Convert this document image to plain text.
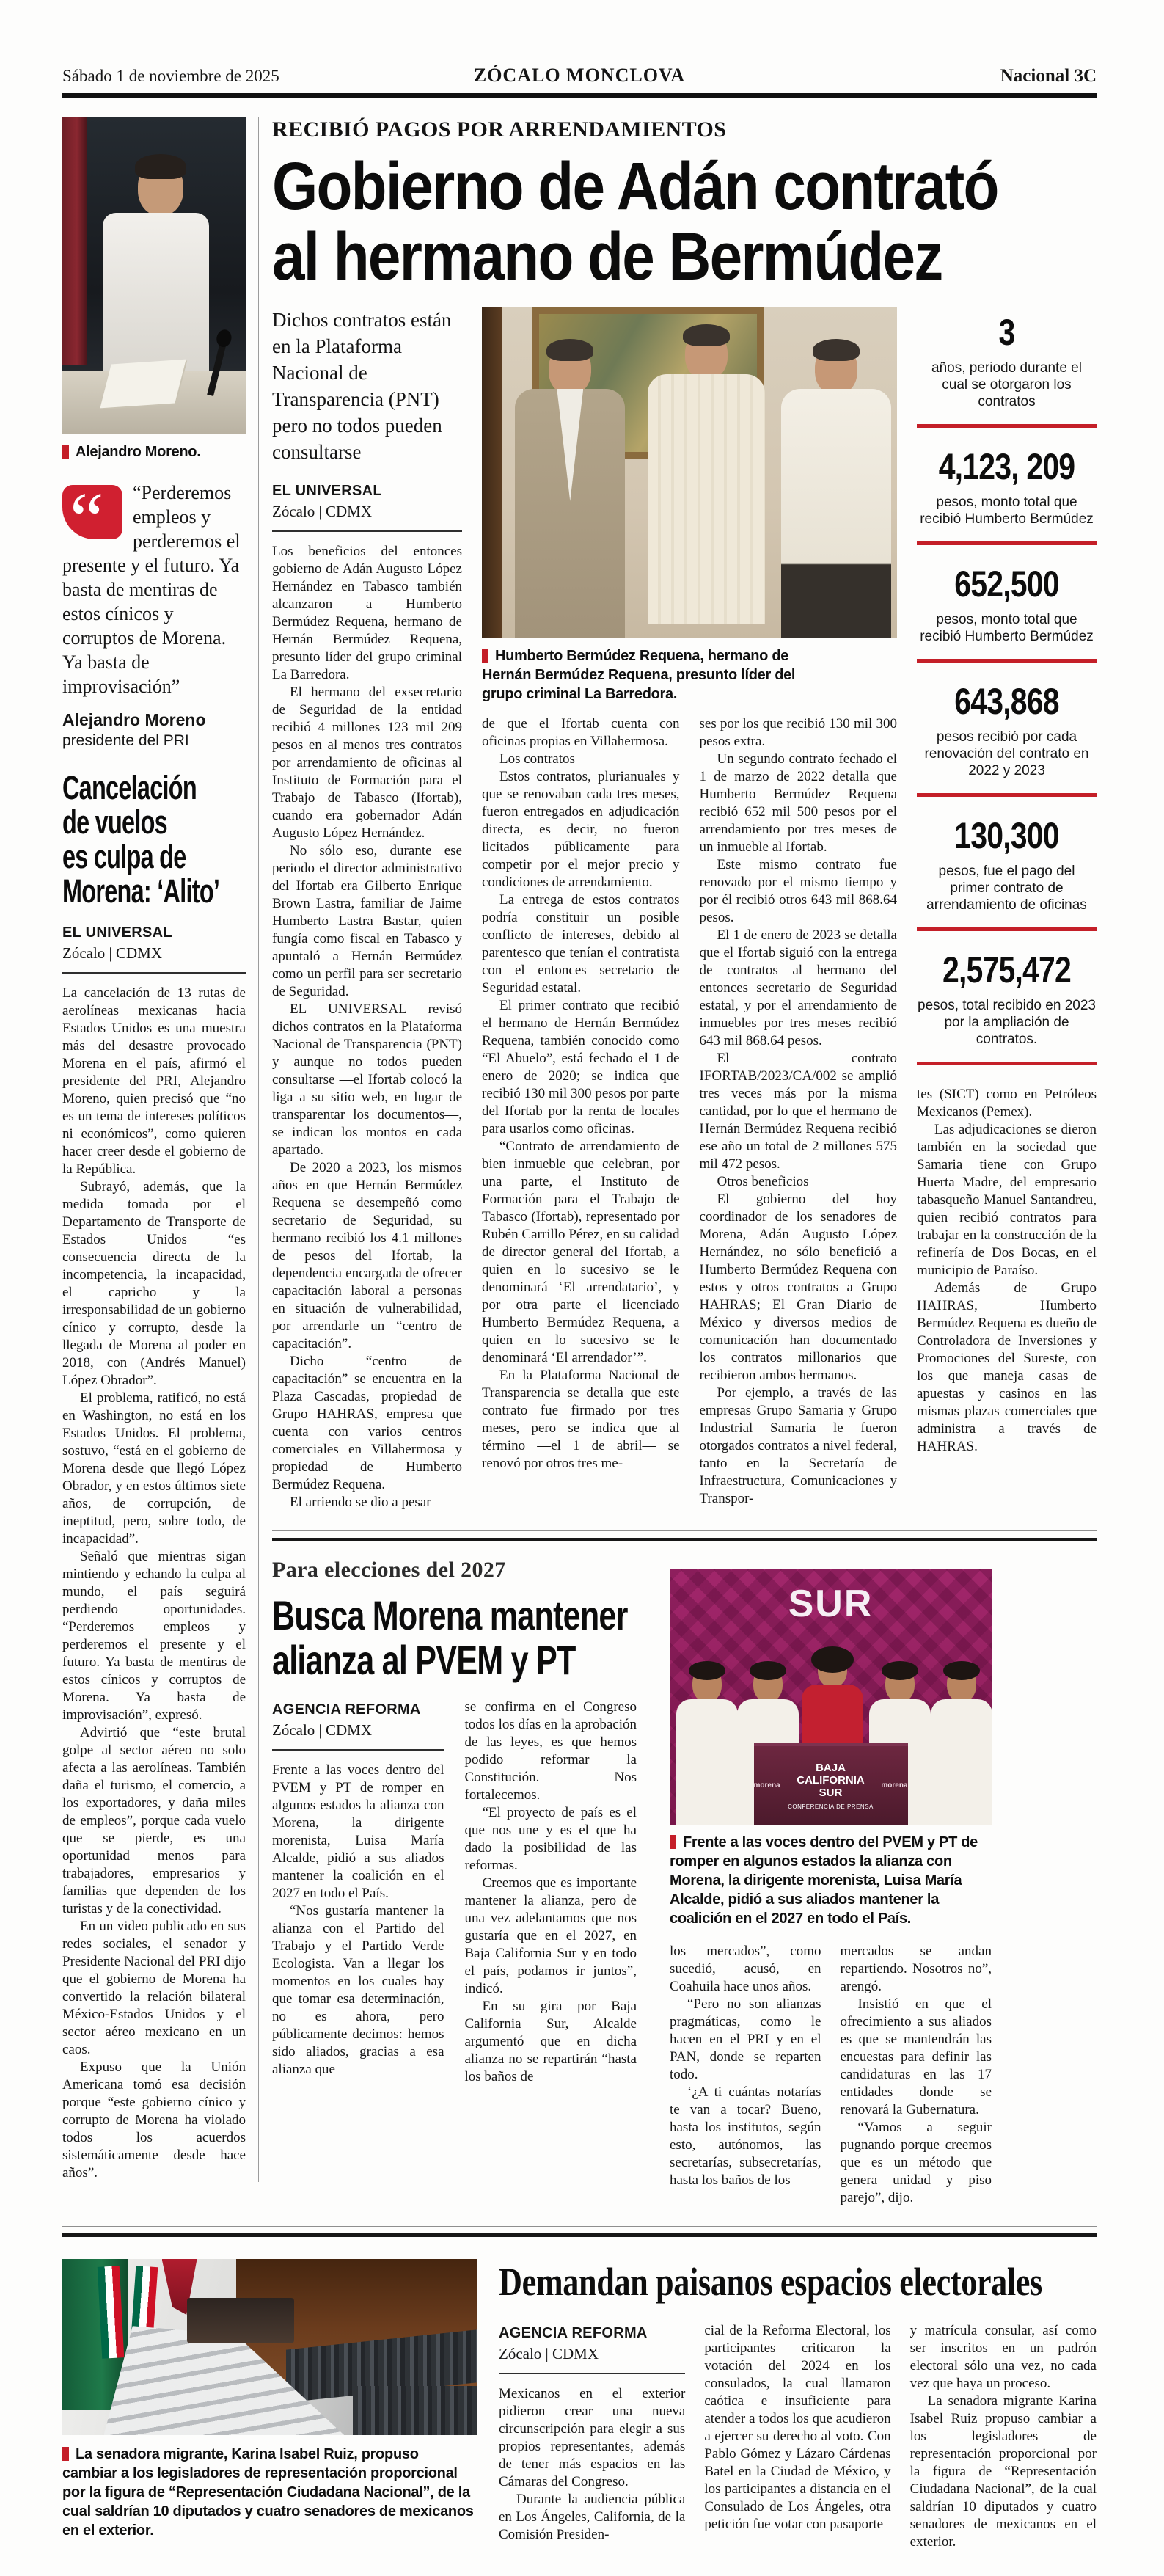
Sábado 1 de noviembre de 2025	ZÓCALO MONCLOVA	Nacional 3C
Alejandro Moreno.
“
“Perderemos empleos y perderemos el presente y el futuro. Ya basta de mentiras de estos cínicos y corruptos de Morena. Ya basta de improvisación”
Alejandro Moreno
presidente del PRI
Cancelación
de vuelos
es culpa de
Morena: ‘Alito’
EL UNIVERSAL
Zócalo | CDMX

La cancelación de 13 rutas de aerolíneas mexicanas hacia Estados Unidos es una muestra más del desastre provocado Morena en el país, afirmó el presidente del PRI, Alejandro Moreno, quien precisó que “no es un tema de intereses políticos ni económicos”, como quieren hacer creer desde el gobierno de la República.

Subrayó, además, que la medida tomada por el Departamento de Transporte de Estados Unidos “es consecuencia directa de la incompetencia, la incapacidad, el capricho y la irresponsabilidad de un gobierno cínico y corrupto, desde la llegada de Morena al poder en 2018, con (Andrés Manuel) López Obrador”.

El problema, ratificó, no está en Washington, no está en los Estados Unidos. El problema, sostuvo, “está en el gobierno de Morena desde que llegó López Obrador, y en estos últimos siete años, de corrupción, de ineptitud, pero, sobre todo, de incapacidad”.

Señaló que mientras sigan mintiendo y echando la culpa al mundo, el país seguirá perdiendo oportunidades. “Perderemos empleos y perderemos el presente y el futuro. Ya basta de mentiras de estos cínicos y corruptos de Morena. Ya basta de improvisación”, expresó.

Advirtió que “este brutal golpe al sector aéreo no solo afecta a las aerolíneas. También daña el turismo, el comercio, a los exportadores, y daña miles de empleos”, porque cada vuelo que se pierde, es una oportunidad menos para trabajadores, empresarios y familias que dependen de los turistas y de la conectividad.

En un video publicado en sus redes sociales, el senador y Presidente Nacional del PRI dijo que el gobierno de Morena ha convertido la relación bilateral México-Estados Unidos y el sector aéreo mexicano en un caos.

Expuso que la Unión Americana tomó esa decisión porque “este gobierno cínico y corrupto de Morena ha violado todos los acuerdos sistemáticamente desde hace años”.

RECIBIÓ PAGOS POR ARRENDAMIENTOS
Gobierno de Adán contrató
al hermano de Bermúdez
Dichos contratos están en la Plataforma Nacional de Transparencia (PNT) pero no todos pueden consultarse
EL UNIVERSAL
Zócalo | CDMX

Los beneficios del entonces gobierno de Adán Augusto López Hernández en Tabasco también alcanzaron a Humberto Bermúdez Requena, hermano de Hernán Bermúdez Requena, presunto líder del grupo criminal La Barredora.

El hermano del exsecretario de Seguridad de la entidad recibió 4 millones 123 mil 209 pesos en al menos tres contratos por arrendamiento de oficinas al Instituto de Formación para el Trabajo de Tabasco (Ifortab), cuando era gobernador Adán Augusto López Hernández.

No sólo eso, durante ese periodo el director administrativo del Ifortab era Gilberto Enrique Brown Lastra, familiar de Jaime Humberto Lastra Bastar, quien fungía como fiscal en Tabasco y apuntaló a Hernán Bermúdez como un perfil para ser secretario de Seguridad.

EL UNIVERSAL revisó dichos contratos en la Plataforma Nacional de Transparencia (PNT) y aunque no todos pueden consultarse —el Ifortab colocó la liga a su sitio web, en lugar de transparentar los documentos—, se indican los montos en cada apartado.

De 2020 a 2023, los mismos años en que Hernán Bermúdez Requena se desempeñó como secretario de Seguridad, su hermano recibió los 4.1 millones de pesos del Ifortab, la dependencia encargada de ofrecer capacitación laboral a personas en situación de vulnerabilidad, por arrendarle un “centro de capacitación”.

Dicho “centro de capacitación” se encuentra en la Plaza Cascadas, propiedad de Grupo HAHRAS, empresa que cuenta con varios centros comerciales en Villahermosa y propiedad de Humberto Bermúdez Requena.

El arriendo se dio a pesar

Humberto Bermúdez Requena, hermano de Hernán Bermúdez Requena, presunto líder del grupo criminal La Barredora.

de que el Ifortab cuenta con oficinas propias en Villahermosa.

Los contratos

Estos contratos, plurianuales y que se renovaban cada tres meses, fueron entregados en adjudicación directa, es decir, no fueron licitados públicamente para competir por el mejor precio y condiciones de arrendamiento.

La entrega de estos contratos podría constituir un posible conflicto de intereses, debido al parentesco que tenían el contratista con el entonces secretario de Seguridad estatal.

El primer contrato que recibió el hermano de Hernán Bermúdez Requena, también conocido como “El Abuelo”, está fechado el 1 de enero de 2020; se indica que recibió 130 mil 300 pesos por parte del Ifortab por la renta de locales para usarlos como oficinas.

“Contrato de arrendamiento de bien inmueble que celebran, por una parte, el Instituto de Formación para el Trabajo de Tabasco (Ifortab), representado por Rubén Carrillo Pérez, en su calidad de director general del Ifortab, a quien en lo sucesivo se le denominará ‘El arrendatario’, y por otra parte el licenciado Humberto Bermúdez Requena, a quien en lo sucesivo se le denominará ‘El arrendador’”.

En la Plataforma Nacional de Transparencia se detalla que este contrato fue firmado por tres meses, pero se indica que al término —el 1 de abril— se renovó por otros tres me-

ses por los que recibió 130 mil 300 pesos extra.

Un segundo contrato fechado el 1 de marzo de 2022 detalla que Humberto Bermúdez Requena recibió 652 mil 500 pesos por el arrendamiento por tres meses de un inmueble al Ifortab.

Este mismo contrato fue renovado por el mismo tiempo y por él recibió otros 643 mil 868.64 pesos.

El 1 de enero de 2023 se detalla que el Ifortab siguió con la entrega de contratos al hermano del entonces secretario de Seguridad estatal, y por el arrendamiento de inmuebles por tres meses recibió 643 mil 868.64 pesos.

El contrato IFORTAB/2023/CA/002 se amplió tres veces más por la misma cantidad, por lo que el hermano de Hernán Bermúdez Requena recibió ese año un total de 2 millones 575 mil 472 pesos.

Otros beneficios

El gobierno del hoy coordinador de los senadores de Morena, Adán Augusto López Hernández, no sólo benefició a Humberto Bermúdez Requena con estos y otros contratos a Grupo HAHRAS; El Gran Diario de México y diversos medios de comunicación han documentado los contratos millonarios que recibieron ambos hermanos.

Por ejemplo, a través de las empresas Grupo Samaria y Grupo Industrial Samaria le fueron otorgados contratos a nivel federal, tanto en la Secretaría de Infraestructura, Comunicaciones y Transpor-

3
años, periodo durante el cual se otorgaron los contratos
4,123, 209
pesos, monto total que recibió Humberto Bermúdez
652,500
pesos, monto total que recibió Humberto Bermúdez
643,868
pesos recibió por cada renovación del contrato en 2022 y 2023
130,300
pesos, fue el pago del primer contrato de arrendamiento de oficinas
2,575,472
pesos, total recibido en 2023 por la ampliación de contratos.

tes (SICT) como en Petróleos Mexicanos (Pemex).

Las adjudicaciones se dieron también en la sociedad que Samaria tiene con Grupo Huerta Madre, del empresario tabasqueño Manuel Santandreu, quien recibió contratos para trabajar en la construcción de la refinería de Dos Bocas, en el municipio de Paraíso.

Además de Grupo HAHRAS, Humberto Bermúdez Requena es dueño de Controladora de Inversiones y Promociones del Sureste, con los que maneja casas de apuestas y casinos en las mismas plazas comerciales que administra a través de HAHRAS.

Para elecciones del 2027
Busca Morena mantener
alianza al PVEM y PT
AGENCIA REFORMA
Zócalo | CDMX

Frente a las voces dentro del PVEM y PT de romper en algunos estados la alianza con Morena, la dirigente morenista, Luisa María Alcalde, pidió a sus aliados mantener la coalición en el 2027 en todo el País.

“Nos gustaría mantener la alianza con el Partido del Trabajo y el Partido Verde Ecologista. Van a llegar los momentos en los cuales hay que tomar esa determinación, no es ahora, pero públicamente decimos: hemos sido aliados, gracias a esa alianza que

se confirma en el Congreso todos los días en la aprobación de las leyes, es que hemos podido reformar la Constitución. Nos fortalecemos.

“El proyecto de país es el que nos une y es el que ha dado la posibilidad de las reformas.

Creemos que es importante mantener la alianza, pero de una vez adelantamos que nos gustaría que en el 2027, en Baja California Sur y en todo el país, podamos ir juntos”, indicó.

En su gira por Baja California Sur, Alcalde argumentó que en dicha alianza no se repartirán “hasta los baños de

SUR
morena
BAJA CALIFORNIA
SUR
CONFERENCIA DE PRENSA
morena
Frente a las voces dentro del PVEM y PT de romper en algunos estados la alianza con Morena, la dirigente morenista, Luisa María Alcalde, pidió a sus aliados mantener la coalición en el 2027 en todo el País.

los mercados”, como sucedió, acusó, en Coahuila hace unos años.

“Pero no son alianzas pragmáticas, como le hacen en el PRI y en el PAN, donde se reparten todo.

‘¿A ti cuántas notarías te van a tocar? Bueno, hasta los institutos, según esto, autónomos, las secretarías, subsecretarías, hasta los baños de los

mercados se andan repartiendo. Nosotros no”, arengó.

Insistió en que el ofrecimiento a sus aliados es que se mantendrán las encuestas para definir las candidaturas en las 17 entidades donde se renovará la Gubernatura.

“Vamos a seguir pugnando porque creemos que es un método que genera unidad y piso parejo”, dijo.

La senadora migrante, Karina Isabel Ruiz, propuso cambiar a los legisladores de representación proporcional por la figura de “Representación Ciudadana Nacional”, de la cual saldrían 10 diputados y cuatro senadores de mexicanos en el exterior.
Demandan paisanos espacios electorales
AGENCIA REFORMA
Zócalo | CDMX

Mexicanos en el exterior pidieron crear una nueva circunscripción para elegir a sus propios representantes, además de tener más espacios en las Cámaras del Congreso.

Durante la audiencia pública en Los Ángeles, California, de la Comisión Presiden-

cial de la Reforma Electoral, los participantes criticaron la votación del 2024 en los consulados, la cual llamaron caótica e insuficiente para atender a todos los que acudieron a ejercer su derecho al voto. Con Pablo Gómez y Lázaro Cárdenas Batel en la Ciudad de México, y los participantes a distancia en el Consulado de Los Ángeles, otra petición fue votar con pasaporte

y matrícula consular, así como ser inscritos en un padrón electoral sólo una vez, no cada vez que haya un proceso.

La senadora migrante Karina Isabel Ruiz propuso cambiar a los legisladores de representación proporcional por la figura de “Representación Ciudadana Nacional”, de la cual saldrían 10 diputados y cuatro senadores de mexicanos en el exterior.
